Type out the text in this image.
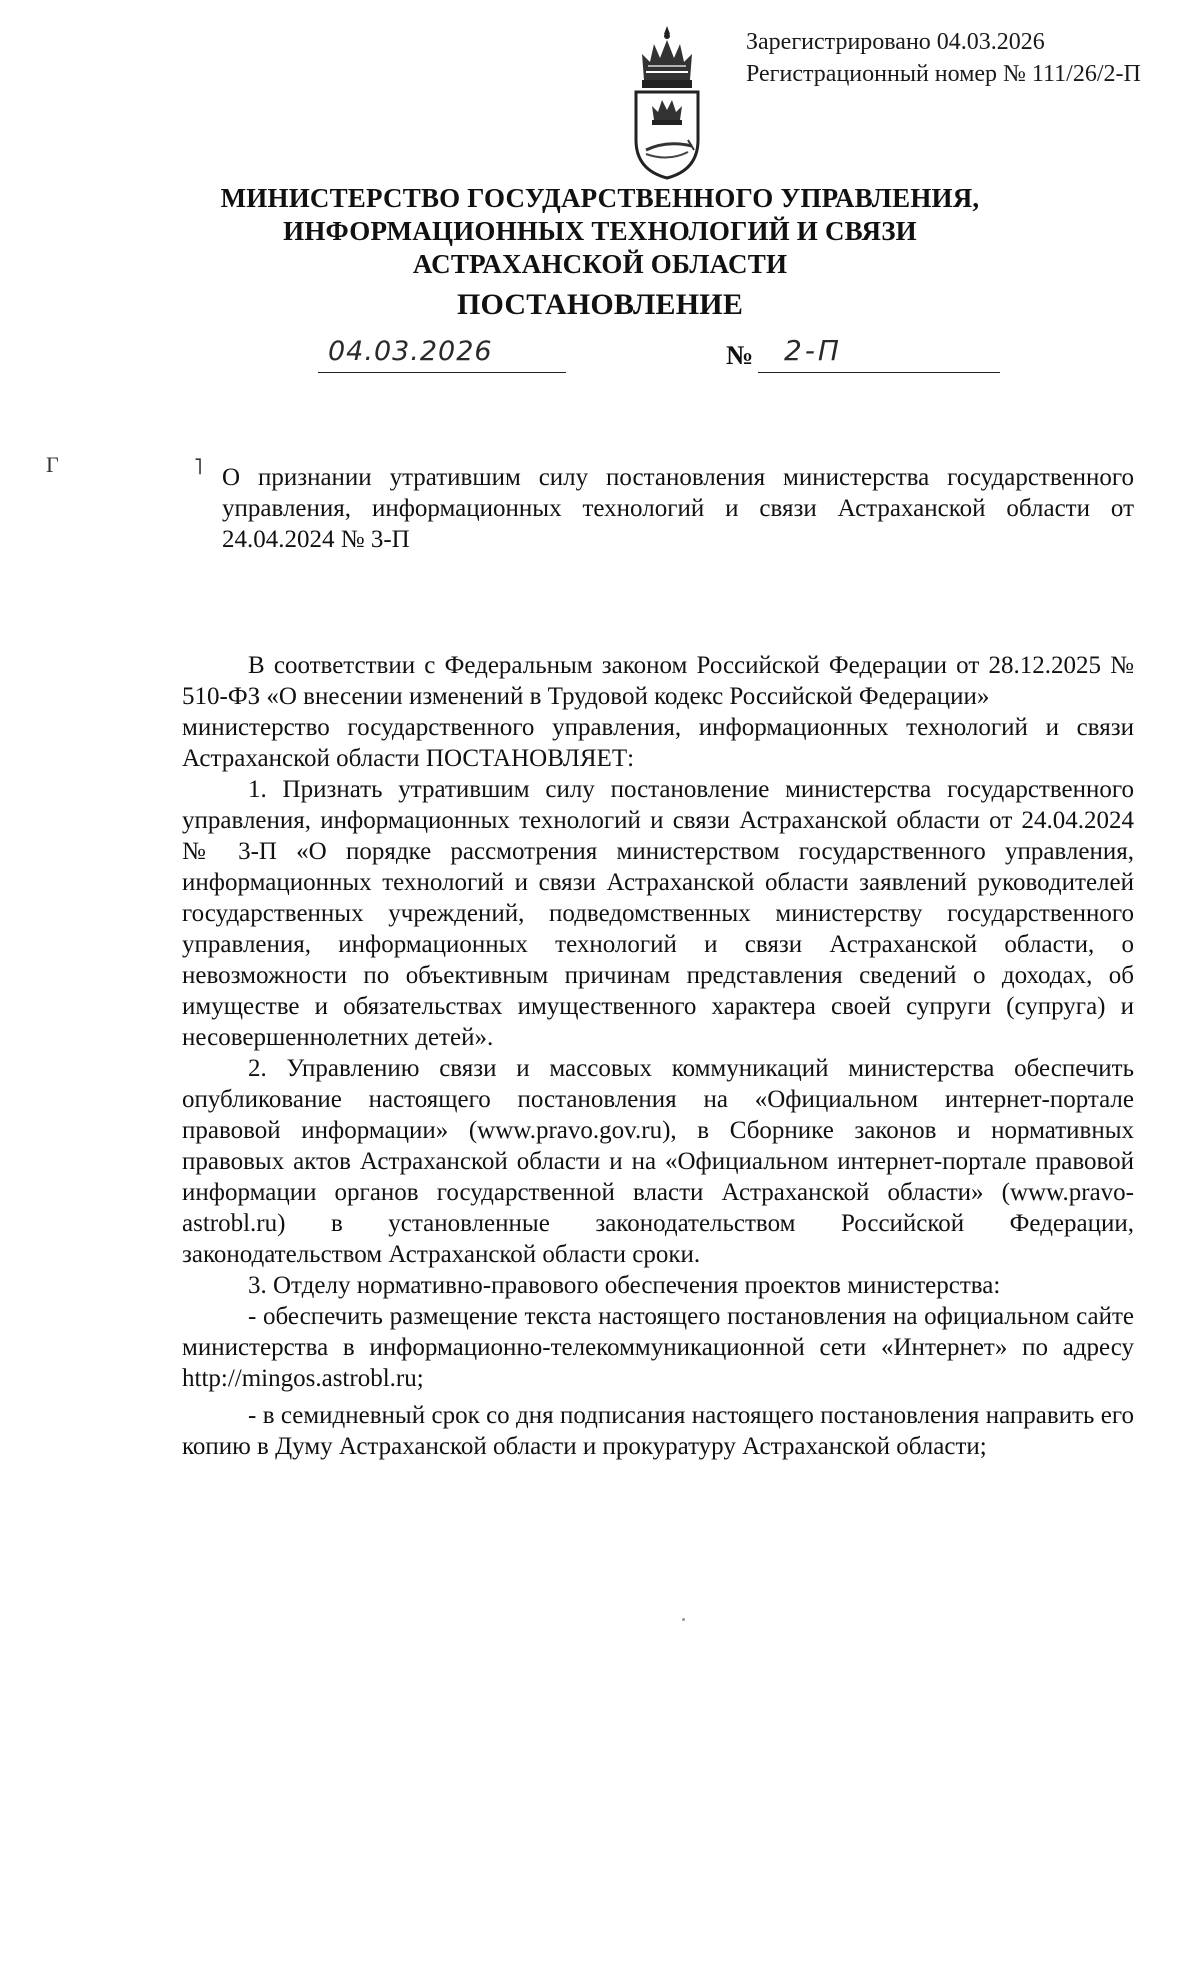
Зарегистрировано 04.03.2026
Регистрационный номер № 111/26/2-П
МИНИСТЕРСТВО ГОСУДАРСТВЕННОГО УПРАВЛЕНИЯ,
ИНФОРМАЦИОННЫХ ТЕХНОЛОГИЙ И СВЯЗИ
АСТРАХАНСКОЙ ОБЛАСТИ
ПОСТАНОВЛЕНИЕ
04.03.2026	№ 2-П
Г	˥ О признании утратившим силу постановления министерства государственного управления, информационных технологий и связи Астраханской области от 24.04.2024 № 3-П

В соответствии с Федеральным законом Российской Федерации от 28.12.2025 № 510-ФЗ «О внесении изменений в Трудовой кодекс Российской Федерации»

министерство государственного управления, информационных технологий и связи Астраханской области ПОСТАНОВЛЯЕТ:

1. Признать утратившим силу постановление министерства государственного управления, информационных технологий и связи Астраханской области от 24.04.2024 № 3-П «О порядке рассмотрения министерством государственного управления, информационных технологий и связи Астраханской области заявлений руководителей государственных учреждений, подведомственных министерству государственного управления, информационных технологий и связи Астраханской области, о невозможности по объективным причинам представления сведений о доходах, об имуществе и обязательствах имущественного характера своей супруги (супруга) и несовершеннолетних детей».

2. Управлению связи и массовых коммуникаций министерства обеспечить опубликование настоящего постановления на «Официальном интернет-портале правовой информации» (www.pravo.gov.ru), в Сборнике законов и нормативных правовых актов Астраханской области и на «Официальном интернет-портале правовой информации органов государственной власти Астраханской области» (www.pravo-astrobl.ru) в установленные законодательством Российской Федерации, законодательством Астраханской области сроки.

3. Отделу нормативно-правового обеспечения проектов министерства:

- обеспечить размещение текста настоящего постановления на официальном сайте министерства в информационно-телекоммуникационной сети «Интернет» по адресу http://mingos.astrobl.ru;

- в семидневный срок со дня подписания настоящего постановления направить его копию в Думу Астраханской области и прокуратуру Астраханской области;
